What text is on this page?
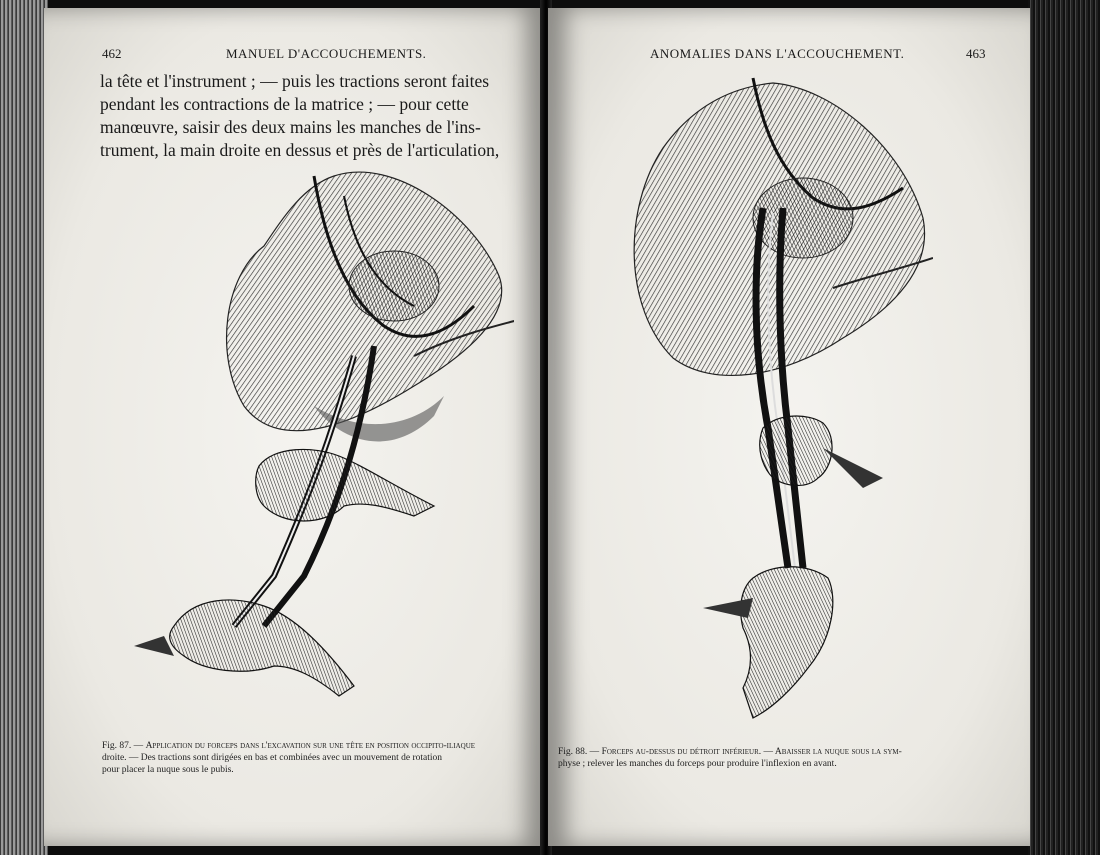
462	MANUEL D'ACCOUCHEMENTS.
la tête et l'instrument ; — puis les tractions seront faites
pendant les contractions de la matrice ; — pour cette
manœuvre, saisir des deux mains les manches de l'ins-
trument, la main droite en dessus et près de l'articulation,
Fig. 87. — Application du forceps dans l'excavation sur une tête en position occipito-iliaque
droite. — Des tractions sont dirigées en bas et combinées avec un mouvement de rotation
pour placer la nuque sous le pubis.
ANOMALIES DANS L'ACCOUCHEMENT.	463
Fig. 88. — Forceps au-dessus du détroit inférieur. — Abaisser la nuque sous la sym-
physe ; relever les manches du forceps pour produire l'inflexion en avant.
